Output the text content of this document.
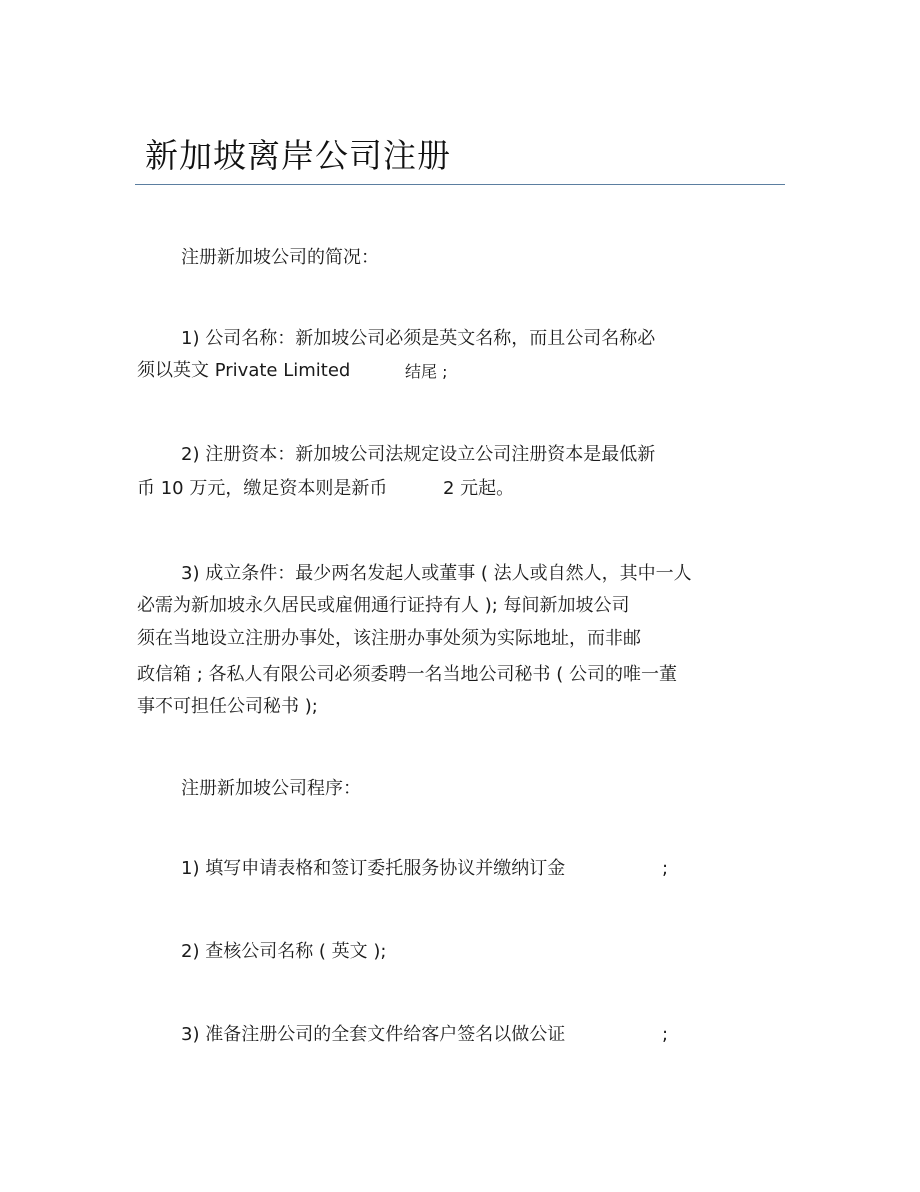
新加坡离岸公司注册
注册新加坡公司的简况：
1) 公司名称：新加坡公司必须是英文名称，而且公司名称必
须以英文 Private Limited	结尾 ;
2) 注册资本：新加坡公司法规定设立公司注册资本是最低新
币 10 万元，缴足资本则是新币	2 元起。
3) 成立条件：最少两名发起人或董事 ( 法人或自然人，其中一人
必需为新加坡永久居民或雇佣通行证持有人 ); 每间新加坡公司
须在当地设立注册办事处，该注册办事处须为实际地址，而非邮
政信箱 ; 各私人有限公司必须委聘一名当地公司秘书 ( 公司的唯一董
事不可担任公司秘书 );
注册新加坡公司程序：
1) 填写申请表格和签订委托服务协议并缴纳订金	;
2) 查核公司名称 ( 英文 );
3) 准备注册公司的全套文件给客户签名以做公证	;
